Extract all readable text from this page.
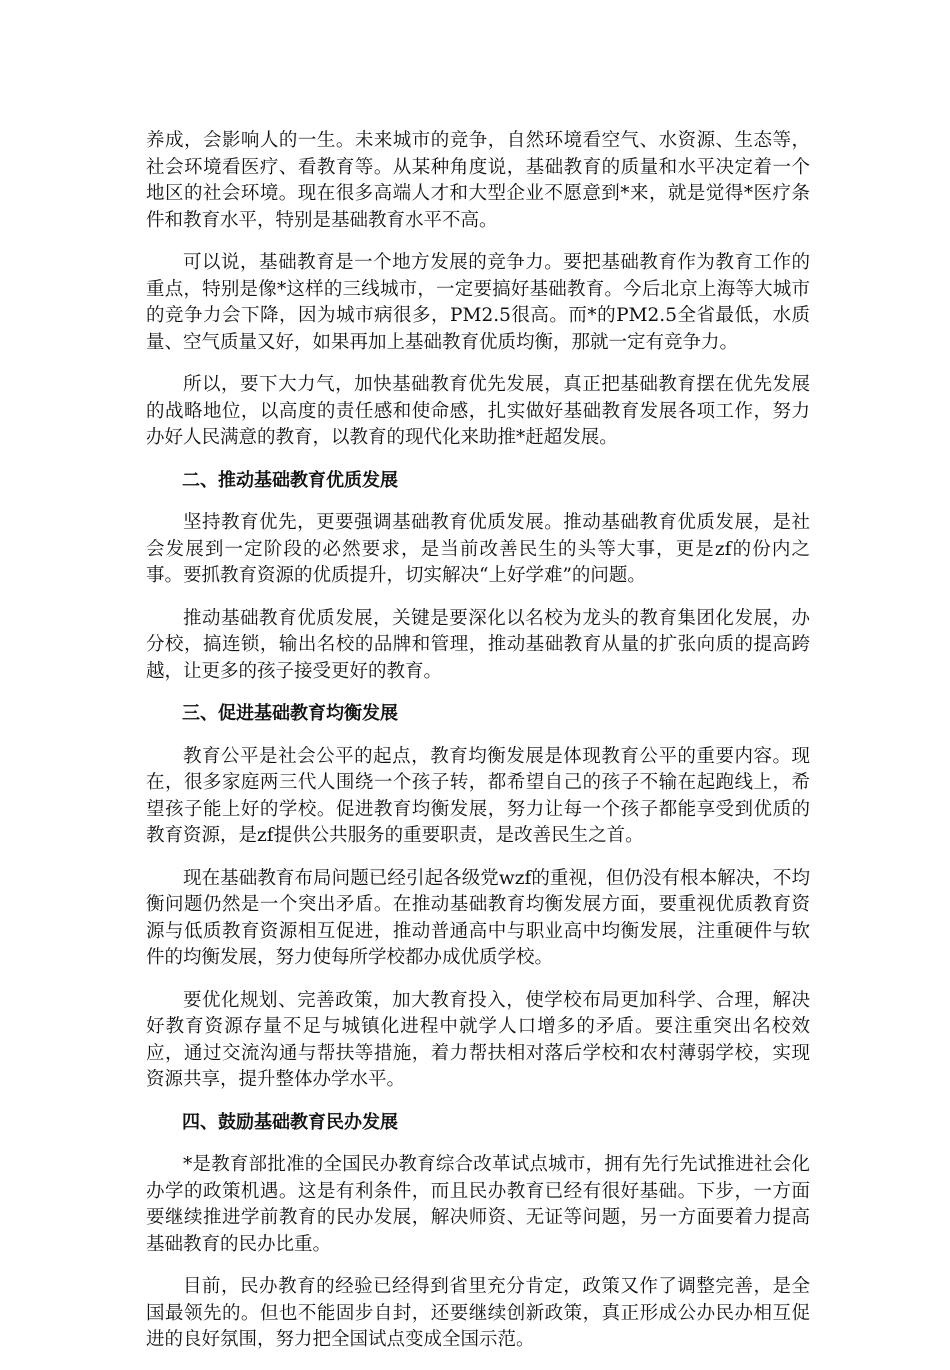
养成，会影响人的一生。未来城市的竞争，自然环境看空气、水资源、生态等，社会环境看医疗、看教育等。从某种角度说，基础教育的质量和水平决定着一个地区的社会环境。现在很多高端人才和大型企业不愿意到*来，就是觉得*医疗条件和教育水平，特别是基础教育水平不高。

可以说，基础教育是一个地方发展的竞争力。要把基础教育作为教育工作的重点，特别是像*这样的三线城市，一定要搞好基础教育。今后北京上海等大城市的竞争力会下降，因为城市病很多，PM2.5很高。而*的PM2.5全省最低，水质量、空气质量又好，如果再加上基础教育优质均衡，那就一定有竞争力。

所以，要下大力气，加快基础教育优先发展，真正把基础教育摆在优先发展的战略地位，以高度的责任感和使命感，扎实做好基础教育发展各项工作，努力办好人民满意的教育，以教育的现代化来助推*赶超发展。

二、推动基础教育优质发展

坚持教育优先，更要强调基础教育优质发展。推动基础教育优质发展，是社会发展到一定阶段的必然要求，是当前改善民生的头等大事，更是zf的份内之事。要抓教育资源的优质提升，切实解决“上好学难”的问题。

推动基础教育优质发展，关键是要深化以名校为龙头的教育集团化发展，办分校，搞连锁，输出名校的品牌和管理，推动基础教育从量的扩张向质的提高跨越，让更多的孩子接受更好的教育。

三、促进基础教育均衡发展

教育公平是社会公平的起点，教育均衡发展是体现教育公平的重要内容。现在，很多家庭两三代人围绕一个孩子转，都希望自己的孩子不输在起跑线上，希望孩子能上好的学校。促进教育均衡发展，努力让每一个孩子都能享受到优质的教育资源，是zf提供公共服务的重要职责，是改善民生之首。

现在基础教育布局问题已经引起各级党wzf的重视，但仍没有根本解决，不均衡问题仍然是一个突出矛盾。在推动基础教育均衡发展方面，要重视优质教育资源与低质教育资源相互促进，推动普通高中与职业高中均衡发展，注重硬件与软件的均衡发展，努力使每所学校都办成优质学校。

要优化规划、完善政策，加大教育投入，使学校布局更加科学、合理，解决好教育资源存量不足与城镇化进程中就学人口增多的矛盾。要注重突出名校效应，通过交流沟通与帮扶等措施，着力帮扶相对落后学校和农村薄弱学校，实现资源共享，提升整体办学水平。

四、鼓励基础教育民办发展

*是教育部批准的全国民办教育综合改革试点城市，拥有先行先试推进社会化办学的政策机遇。这是有利条件，而且民办教育已经有很好基础。下步，一方面要继续推进学前教育的民办发展，解决师资、无证等问题，另一方面要着力提高基础教育的民办比重。

目前，民办教育的经验已经得到省里充分肯定，政策又作了调整完善，是全国最领先的。但也不能固步自封，还要继续创新政策，真正形成公办民办相互促进的良好氛围，努力把全国试点变成全国示范。
